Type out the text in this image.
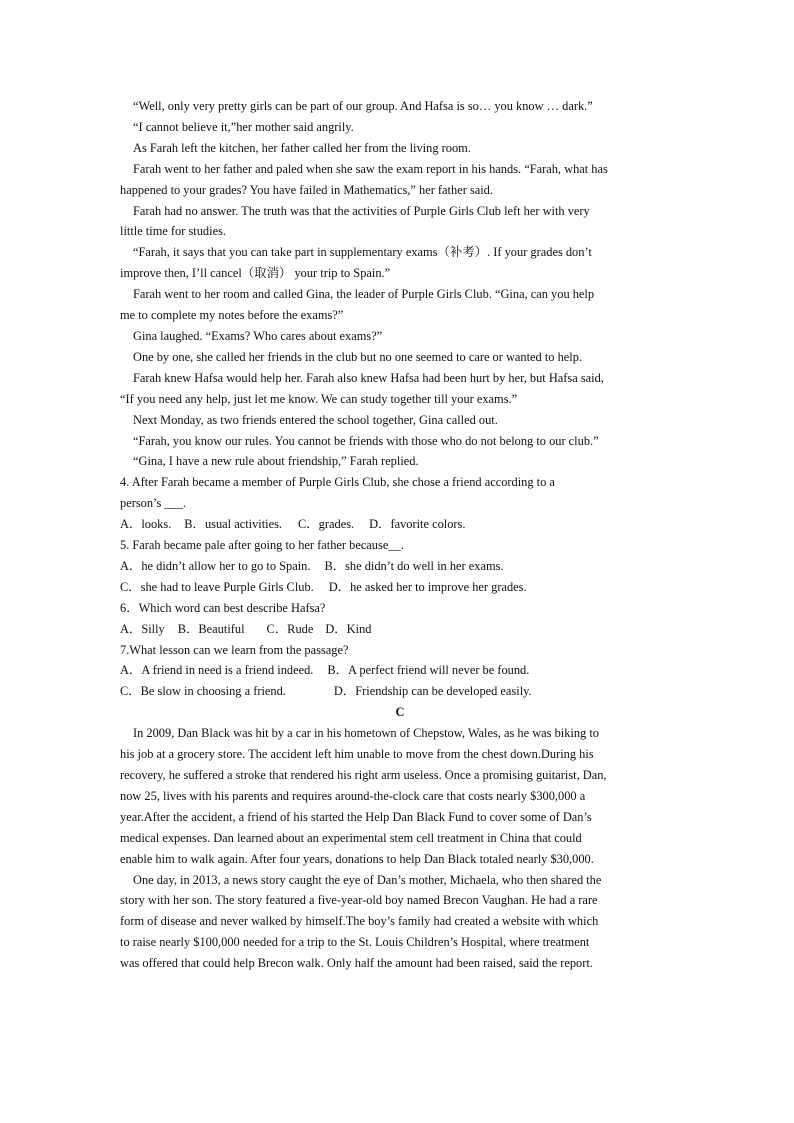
“Well, only very pretty girls can be part of our group. And Hafsa is so… you know … dark.”
“I cannot believe it,”her mother said angrily.
As Farah left the kitchen, her father called her from the living room.
Farah went to her father and paled when she saw the exam report in his hands. “Farah, what has
happened to your grades? You have failed in Mathematics,” her father said.
Farah had no answer. The truth was that the activities of Purple Girls Club left her with very
little time for studies.
“Farah, it says that you can take part in supplementary exams（补考）. If your grades don’t
improve then, I’ll cancel（取消） your trip to Spain.”
Farah went to her room and called Gina, the leader of Purple Girls Club. “Gina, can you help
me to complete my notes before the exams?”
Gina laughed. “Exams? Who cares about exams?”
One by one, she called her friends in the club but no one seemed to care or wanted to help.
Farah knew Hafsa would help her. Farah also knew Hafsa had been hurt by her, but Hafsa said,
“If you need any help, just let me know. We can study together till your exams.”
Next Monday, as two friends entered the school together, Gina called out.
“Farah, you know our rules. You cannot be friends with those who do not belong to our club.”
“Gina, I have a new rule about friendship,” Farah replied.
4. After Farah became a member of Purple Girls Club, she chose a friend according to a
person’s ___.
A．looks. B．usual activities. C．grades. D．favorite colors.
5. Farah became pale after going to her father because__.
A．he didn’t allow her to go to Spain. B．she didn’t do well in her exams.
C．she had to leave Purple Girls Club. D．he asked her to improve her grades.
6．Which word can best describe Hafsa?
A．Silly B．Beautiful C．Rude D．Kind
7.What lesson can we learn from the passage?
A．A friend in need is a friend indeed. B．A perfect friend will never be found.
C．Be slow in choosing a friend.	D．Friendship can be developed easily.
C
In 2009, Dan Black was hit by a car in his hometown of Chepstow, Wales, as he was biking to
his job at a grocery store. The accident left him unable to move from the chest down.During his
recovery, he suffered a stroke that rendered his right arm useless. Once a promising guitarist, Dan,
now 25, lives with his parents and requires around-the-clock care that costs nearly $300,000 a
year.After the accident, a friend of his started the Help Dan Black Fund to cover some of Dan’s
medical expenses. Dan learned about an experimental stem cell treatment in China that could
enable him to walk again. After four years, donations to help Dan Black totaled nearly $30,000.
One day, in 2013, a news story caught the eye of Dan’s mother, Michaela, who then shared the
story with her son. The story featured a five-year-old boy named Brecon Vaughan. He had a rare
form of disease and never walked by himself.The boy’s family had created a website with which
to raise nearly $100,000 needed for a trip to the St. Louis Children’s Hospital, where treatment
was offered that could help Brecon walk. Only half the amount had been raised, said the report.
